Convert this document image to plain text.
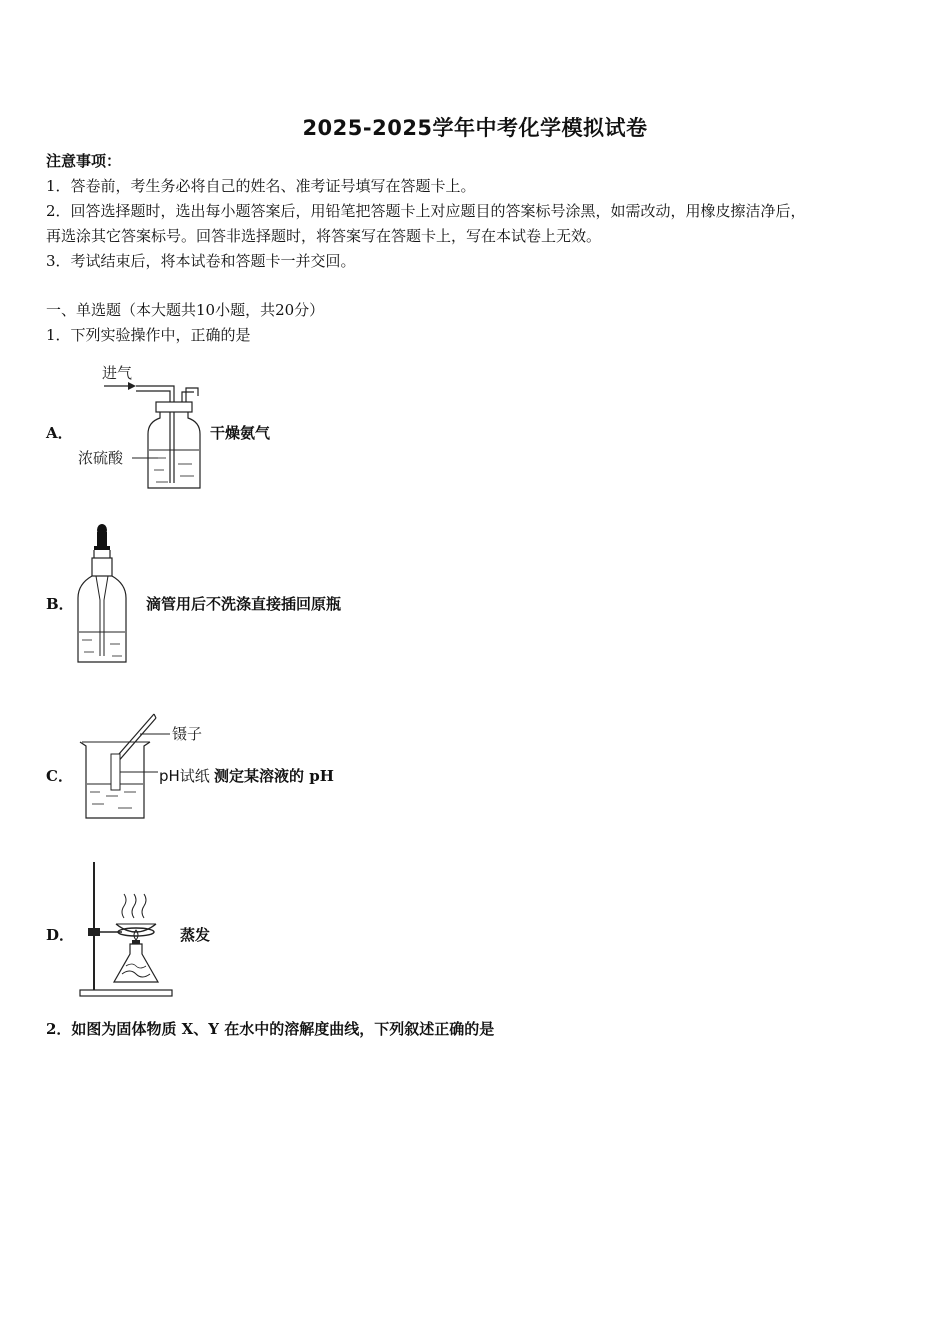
2025-2025学年中考化学模拟试卷
注意事项：
1．答卷前，考生务必将自己的姓名、准考证号填写在答题卡上。
2．回答选择题时，选出每小题答案后，用铅笔把答题卡上对应题目的答案标号涂黑，如需改动，用橡皮擦洁净后，
再选涂其它答案标号。回答非选择题时，将答案写在答题卡上，写在本试卷上无效。
3．考试结束后，将本试卷和答题卡一并交回。
一、单选题（本大题共10小题，共20分）
1．下列实验操作中，正确的是
A．
进气
浓硫酸
干燥氨气
B．	滴管用后不洗涤直接插回原瓶
C．
镊子
pH试纸 测定某溶液的 pH
D．	蒸发
2．如图为固体物质 X、Y 在水中的溶解度曲线，下列叙述正确的是
